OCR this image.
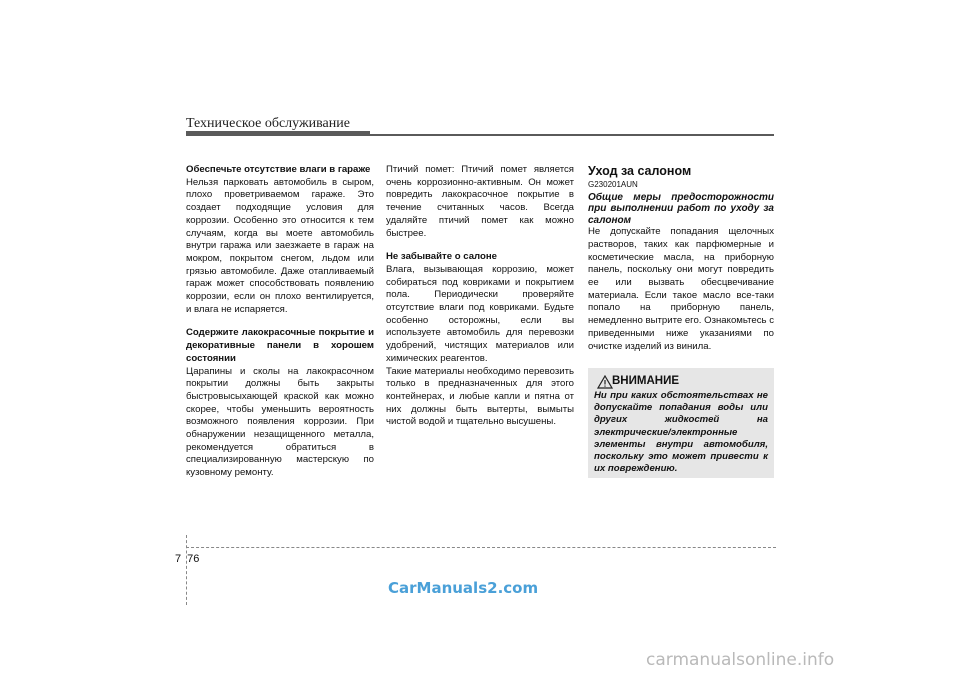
Техническое обслуживание

Обеспечьте отсутствие влаги в гараже

Нельзя парковать автомобиль в сыром, плохо проветриваемом гараже. Это создает подходящие условия для коррозии. Особенно это относится к тем случаям, когда вы моете автомобиль внутри гаража или заезжаете в гараж на мокром, покрытом снегом, льдом или грязью автомобиле. Даже отапливаемый гараж может способствовать появлению коррозии, если он плохо вентилируется, и влага не испаряется.

Содержите лакокрасочные покрытие и декоративные панели в хорошем состоянии

Царапины и сколы на лакокрасочном покрытии должны быть закрыты быстровысыхающей краской как можно скорее, чтобы уменьшить вероятность возможного появления коррозии. При обнаружении незащищенного металла, рекомендуется обратиться в специализированную мастерскую по кузовному ремонту.

Птичий помет: Птичий помет является очень коррозионно-активным. Он может повредить лакокрасочное покрытие в течение считанных часов. Всегда удаляйте птичий помет как можно быстрее.

Не забывайте о салоне

Влага, вызывающая коррозию, может собираться под ковриками и покрытием пола. Периодически проверяйте отсутствие влаги под ковриками. Будьте особенно осторожны, если вы используете автомобиль для перевозки удобрений, чистящих материалов или химических реагентов.

Такие материалы необходимо перевозить только в предназначенных для этого контейнерах, и любые капли и пятна от них должны быть вытерты, вымыты чистой водой и тщательно высушены.

Уход за салоном

G230201AUN

Общие меры предосторожности при выполнении работ по уходу за салоном

Не допускайте попадания щелочных растворов, таких как парфюмерные и косметические масла, на приборную панель, поскольку они могут повредить ее или вызвать обесцвечивание материала. Если такое масло все-таки попало на приборную панель, немедленно вытрите его. Ознакомьтесь с приведенными ниже указаниями по очистке изделий из винила.

ВНИМАНИЕ

Ни при каких обстоятельствах не допускайте попадания воды или других жидкостей на электрические/электронные элементы внутри автомобиля, поскольку это может привести к их повреждению.

7 76
CarManuals2.com
carmanualsonline.info
